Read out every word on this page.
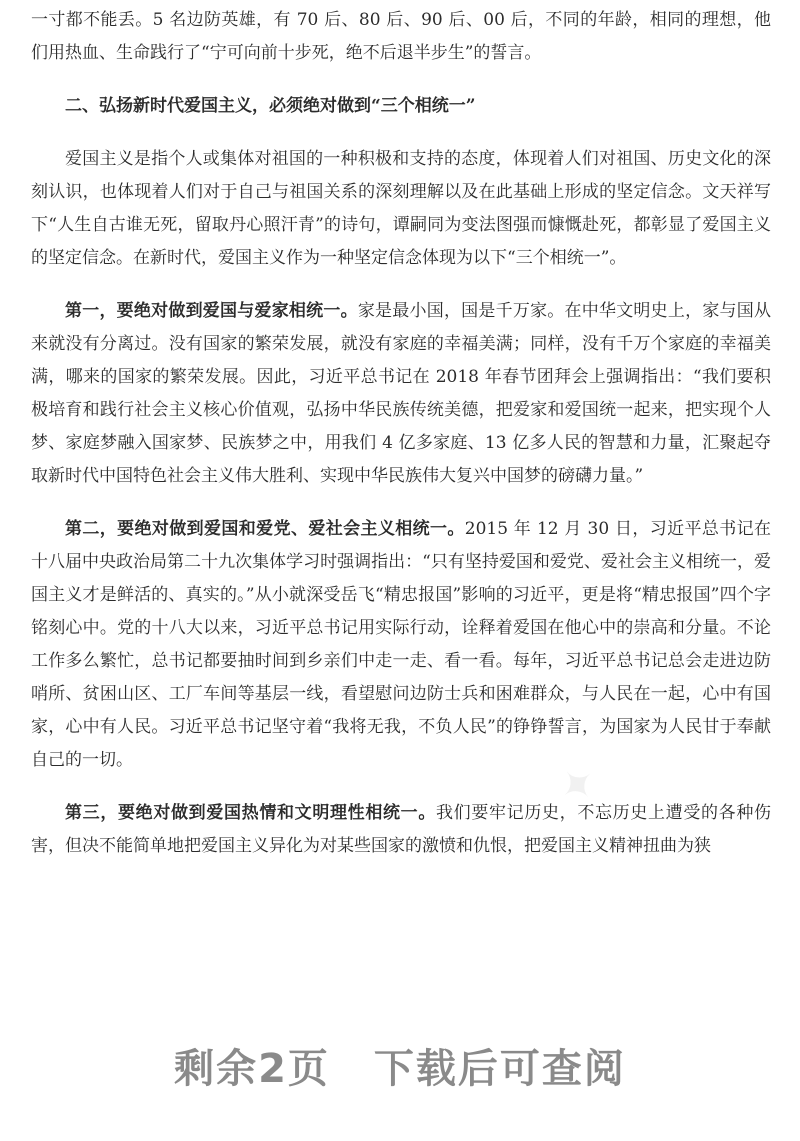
✦

一寸都不能丢。5 名边防英雄，有 70 后、80 后、90 后、00 后，不同的年龄，相同的理想，他们用热血、生命践行了“宁可向前十步死，绝不后退半步生”的誓言。

二、弘扬新时代爱国主义，必须绝对做到“三个相统一”

爱国主义是指个人或集体对祖国的一种积极和支持的态度，体现着人们对祖国、历史文化的深刻认识，也体现着人们对于自己与祖国关系的深刻理解以及在此基础上形成的坚定信念。文天祥写下“人生自古谁无死，留取丹心照汗青”的诗句，谭嗣同为变法图强而慷慨赴死，都彰显了爱国主义的坚定信念。在新时代，爱国主义作为一种坚定信念体现为以下“三个相统一”。

第一，要绝对做到爱国与爱家相统一。家是最小国，国是千万家。在中华文明史上，家与国从来就没有分离过。没有国家的繁荣发展，就没有家庭的幸福美满；同样，没有千万个家庭的幸福美满，哪来的国家的繁荣发展。因此，习近平总书记在 2018 年春节团拜会上强调指出：“我们要积极培育和践行社会主义核心价值观，弘扬中华民族传统美德，把爱家和爱国统一起来，把实现个人梦、家庭梦融入国家梦、民族梦之中，用我们 4 亿多家庭、13 亿多人民的智慧和力量，汇聚起夺取新时代中国特色社会主义伟大胜利、实现中华民族伟大复兴中国梦的磅礴力量。”

第二，要绝对做到爱国和爱党、爱社会主义相统一。2015 年 12 月 30 日，习近平总书记在十八届中央政治局第二十九次集体学习时强调指出：“只有坚持爱国和爱党、爱社会主义相统一，爱国主义才是鲜活的、真实的。”从小就深受岳飞“精忠报国”影响的习近平，更是将“精忠报国”四个字铭刻心中。党的十八大以来，习近平总书记用实际行动，诠释着爱国在他心中的崇高和分量。不论工作多么繁忙，总书记都要抽时间到乡亲们中走一走、看一看。每年，习近平总书记总会走进边防哨所、贫困山区、工厂车间等基层一线，看望慰问边防士兵和困难群众，与人民在一起，心中有国家，心中有人民。习近平总书记坚守着“我将无我，不负人民”的铮铮誓言，为国家为人民甘于奉献自己的一切。

第三，要绝对做到爱国热情和文明理性相统一。我们要牢记历史，不忘历史上遭受的各种伤害，但决不能简单地把爱国主义异化为对某些国家的激愤和仇恨，把爱国主义精神扭曲为狭

剩余2页 下载后可查阅
